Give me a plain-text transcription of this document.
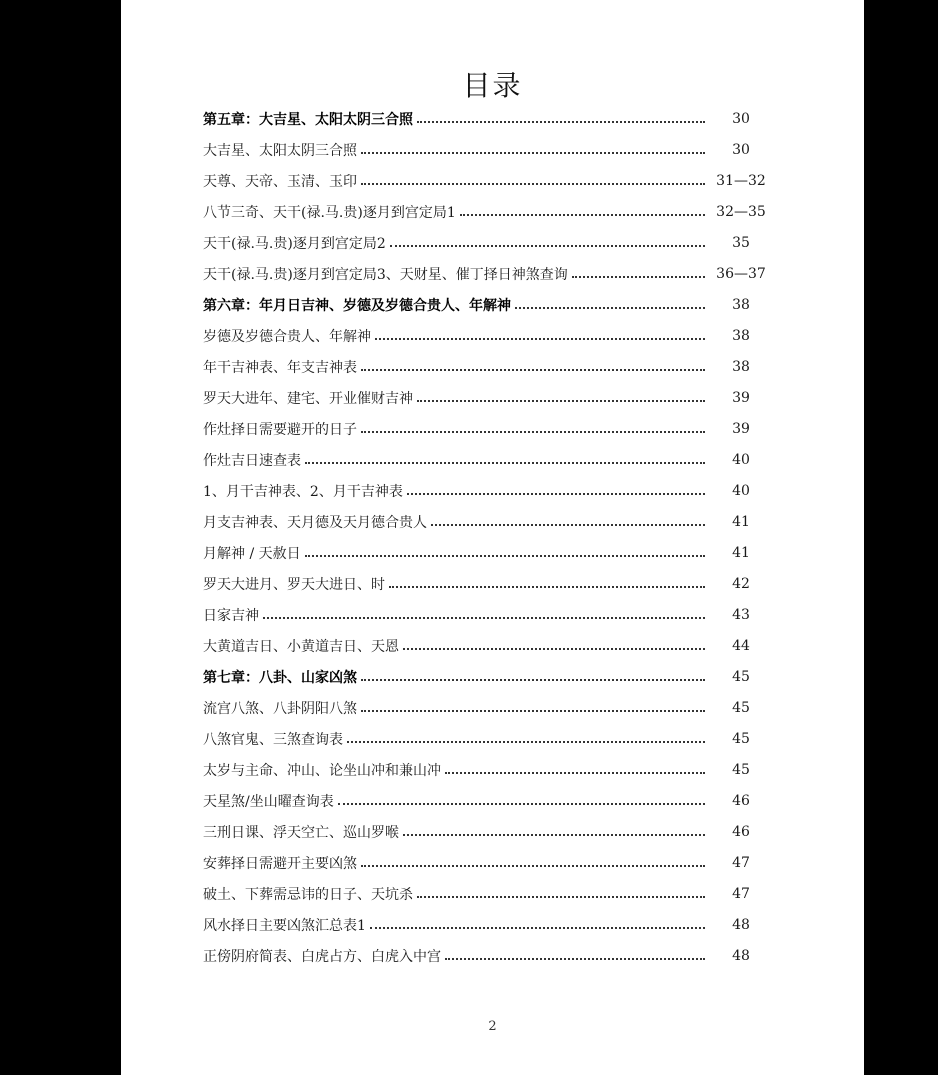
目录
第五章：大吉星、太阳太阴三合照	30
大吉星、太阳太阴三合照	30
天尊、天帝、玉清、玉印	31—32
八节三奇、天干(禄.马.贵)逐月到宫定局1	32—35
天干(禄.马.贵)逐月到宫定局2	35
天干(禄.马.贵)逐月到宫定局3、天财星、催丁择日神煞查询	36—37
第六章：年月日吉神、岁德及岁德合贵人、年解神	38
岁德及岁德合贵人、年解神	38
年干吉神表、年支吉神表	38
罗天大进年、建宅、开业催财吉神	39
作灶择日需要避开的日子	39
作灶吉日速查表	40
1、月干吉神表、2、月干吉神表	40
月支吉神表、天月德及天月德合贵人	41
月解神 / 天赦日	41
罗天大进月、罗天大进日、时	42
日家吉神	43
大黄道吉日、小黄道吉日、天恩	44
第七章：八卦、山家凶煞	45
流宫八煞、八卦阴阳八煞	45
八煞官鬼、三煞查询表	45
太岁与主命、冲山、论坐山冲和兼山冲	45
天星煞/坐山曜查询表	46
三刑日课、浮天空亡、巡山罗喉	46
安葬择日需避开主要凶煞	47
破土、下葬需忌讳的日子、天坑杀	47
风水择日主要凶煞汇总表1	48
正傍阴府简表、白虎占方、白虎入中宫	48
2
